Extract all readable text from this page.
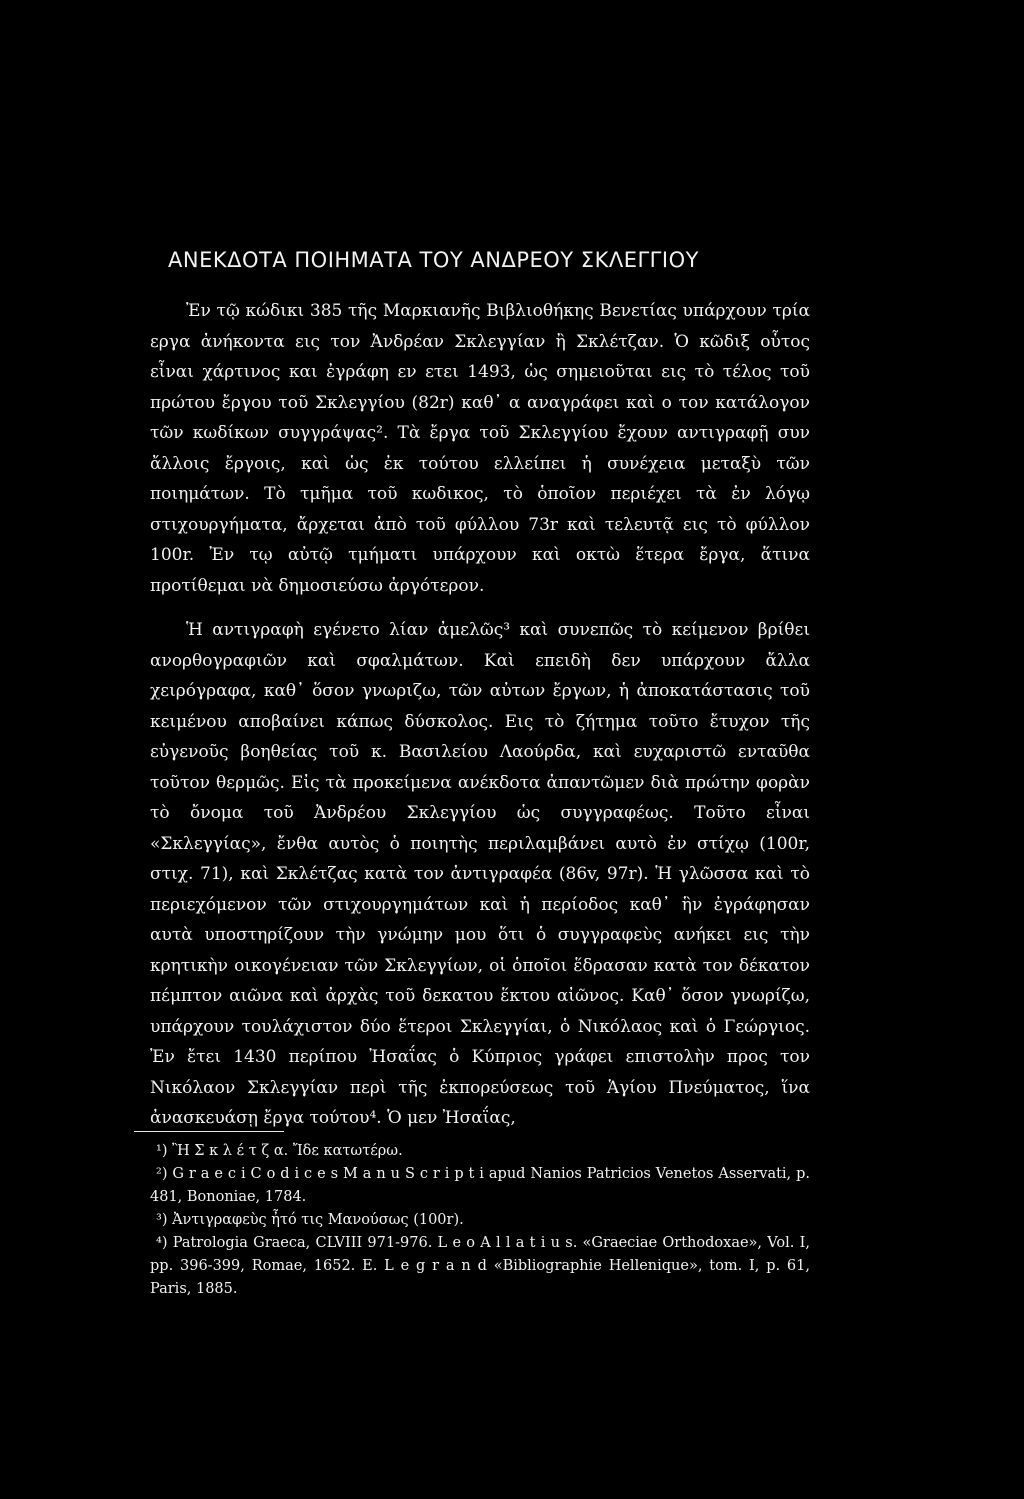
ΑΝΕΚΔΟΤΑ ΠΟΙΗΜΑΤΑ ΤΟΥ ΑΝΔΡΕΟΥ ΣΚΛΕΓΓΙΟΥ

Ἐν τῷ κώδικι 385 τῆς Μαρκιανῆς Βιβλιοθήκης Βενετίας υπάρχουν τρία εργα ἀνήκοντα εις τον Ἀνδρέαν Σκλεγγίαν ἢ Σκλέτζαν. Ὁ κῶδιξ οὗτος εἶναι χάρτινος και ἐγράφη εν ετει 1493, ὡς σημειοῦται εις τὸ τέλος τοῦ πρώτου ἔργου τοῦ Σκλεγγίου (82r) καθ᾽ α αναγράφει καὶ ο τον κατάλογον τῶν κωδίκων συγγράψας². Τὰ ἔργα τοῦ Σκλεγγίου ἔχουν αντιγραφῇ συν ἄλλοις ἔργοις, καὶ ὡς ἐκ τούτου ελλείπει ἡ συνέχεια μεταξὺ τῶν ποιημάτων. Τὸ τμῆμα τοῦ κωδικος, τὸ ὁποῖον περιέχει τὰ ἐν λόγῳ στιχουργήματα, ἄρχεται ἀπὸ τοῦ φύλλου 73r καὶ τελευτᾷ εις τὸ φύλλον 100r. Ἐν τῳ αὐτῷ τμήματι υπάρχουν καὶ οκτὼ ἕτερα ἔργα, ἅτινα προτίθεμαι νὰ δημοσιεύσω ἀργότερον.

Ἡ αντιγραφὴ εγένετο λίαν ἀμελῶς³ καὶ συνεπῶς τὸ κείμενον βρίθει ανορθογραφιῶν καὶ σφαλμάτων. Καὶ επειδὴ δεν υπάρχουν ἄλλα χειρόγραφα, καθ᾽ ὅσον γνωριζω, τῶν αὐτων ἔργων, ἡ ἀποκατάστασις τοῦ κειμένου αποβαίνει κάπως δύσκολος. Εις τὸ ζήτημα τοῦτο ἔτυχον τῆς εὐγενοῦς βοηθείας τοῦ κ. Βασιλείου Λαούρδα, καὶ ευχαριστῶ ενταῦθα τοῦτον θερμῶς. Εἰς τὰ προκείμενα ανέκδοτα ἀπαντῶμεν διὰ πρώτην φορὰν τὸ ὄνομα τοῦ Ἀνδρέου Σκλεγγίου ὡς συγγραφέως. Τοῦτο εἶναι «Σκλεγγίας», ἔνθα αυτὸς ὁ ποιητὴς περιλαμβάνει αυτὸ ἐν στίχῳ (100r, στιχ. 71), καὶ Σκλέτζας κατὰ τον ἀντιγραφέα (86v, 97r). Ἡ γλῶσσα καὶ τὸ περιεχόμενον τῶν στιχουργημάτων καὶ ἡ περίοδος καθ᾽ ἣν ἐγράφησαν αυτὰ υποστηρίζουν τὴν γνώμην μου ὅτι ὁ συγγραφεὺς ανήκει εις τὴν κρητικὴν οικογένειαν τῶν Σκλεγγίων, οἱ ὁποῖοι ἕδρασαν κατὰ τον δέκατον πέμπτον αιῶνα καὶ ἀρχὰς τοῦ δεκατου ἕκτου αἰῶνος. Καθ᾽ ὅσον γνωρίζω, υπάρχουν τουλάχιστον δύο ἕτεροι Σκλεγγίαι, ὁ Νικόλαος καὶ ὁ Γεώργιος. Ἐν ἔτει 1430 περίπου Ἠσαΐας ὁ Κύπριος γράφει επιστολὴν προς τον Νικόλαον Σκλεγγίαν περὶ τῆς ἐκπορεύσεως τοῦ Ἁγίου Πνεύματος, ἵνα ἀνασκευάσῃ ἔργα τούτου⁴. Ὁ μεν Ἠσαΐας,

¹) Ἢ Σ κ λ έ τ ζ α. Ἴδε κατωτέρω.

²) G r a e c i C o d i c e s M a n u S c r i p t i apud Nanios Patricios Venetos Asservati, p. 481, Bononiae, 1784.

³) Ἀντιγραφεὺς ἦτό τις Μανούσως (100r).

⁴) Patrologia Graeca, CLVIII 971-976. L e o A l l a t i u s. «Graeciae Orthodoxae», Vol. I, pp. 396-399, Romae, 1652. E. L e g r a n d «Bibliographie Hellenique», tom. I, p. 61, Paris, 1885.
